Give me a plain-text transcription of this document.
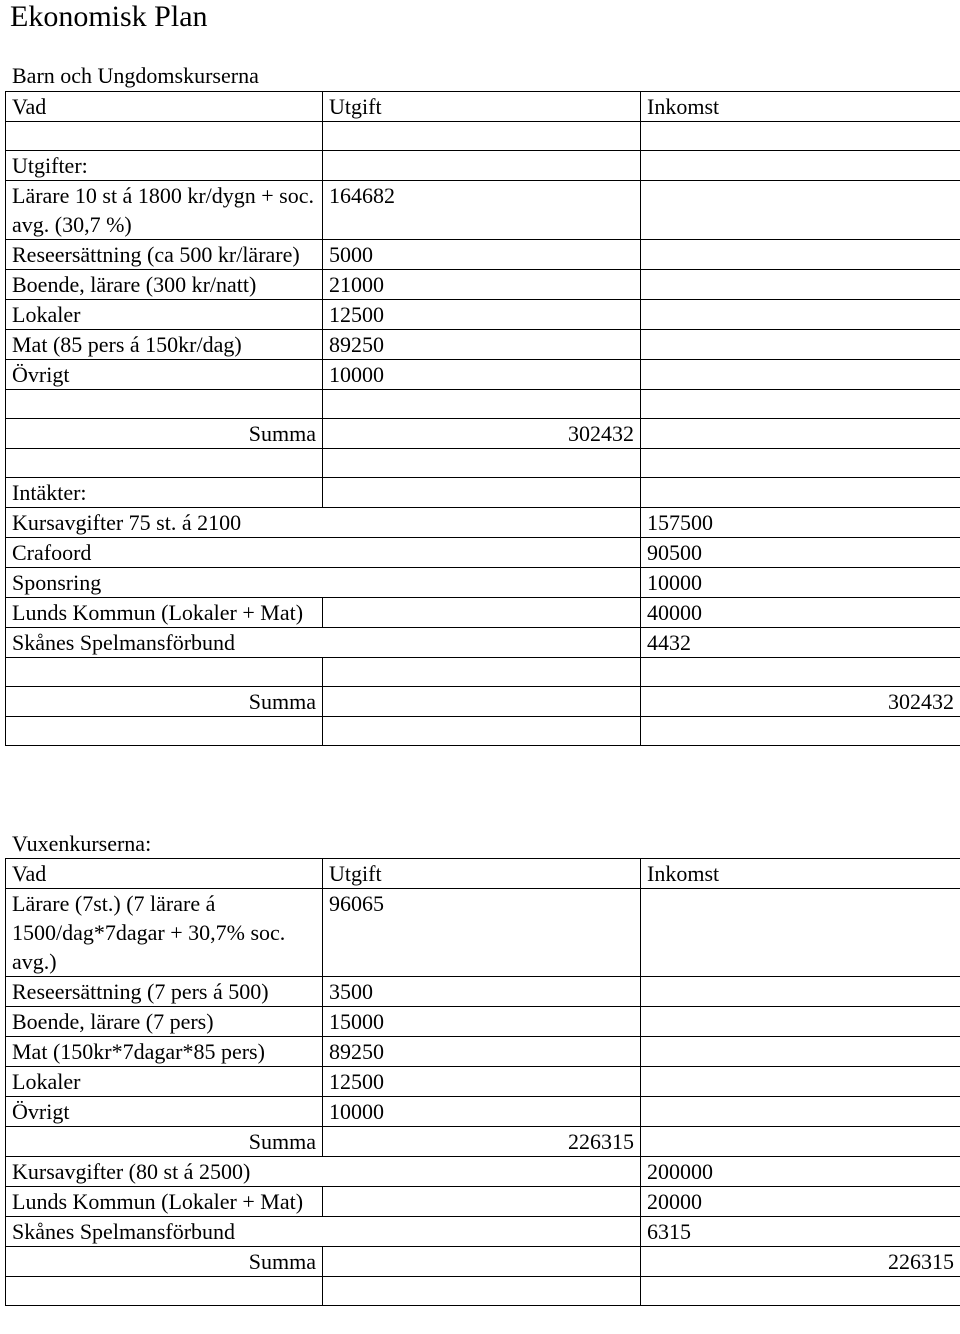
Ekonomisk Plan
Barn och Ungdomskurserna
Vad	Utgift	Inkomst

Utgifter:		
Lärare 10 st á 1800 kr/dygn + soc. avg. (30,7 %)	164682	
Reseersättning (ca 500 kr/lärare)	5000	
Boende, lärare (300 kr/natt)	21000	
Lokaler	12500	
Mat (85 pers á 150kr/dag)	89250	
Övrigt	10000	

Summa	302432	

Intäkter:		
Kursavgifter 75 st. á 2100		157500
Crafoord		90500
Sponsring		10000
Lunds Kommun (Lokaler + Mat)		40000
Skånes Spelmansförbund		4432

Summa		302432

Vuxenkurserna:
Vad	Utgift	Inkomst
Lärare (7st.) (7 lärare á 1500/dag*7dagar + 30,7% soc. avg.)	96065	
Reseersättning (7 pers á 500)	3500	
Boende, lärare (7 pers)	15000	
Mat (150kr*7dagar*85 pers)	89250	
Lokaler	12500	
Övrigt	10000	
Summa	226315	
Kursavgifter (80 st á 2500)		200000
Lunds Kommun (Lokaler + Mat)		20000
Skånes Spelmansförbund		6315
Summa		226315
